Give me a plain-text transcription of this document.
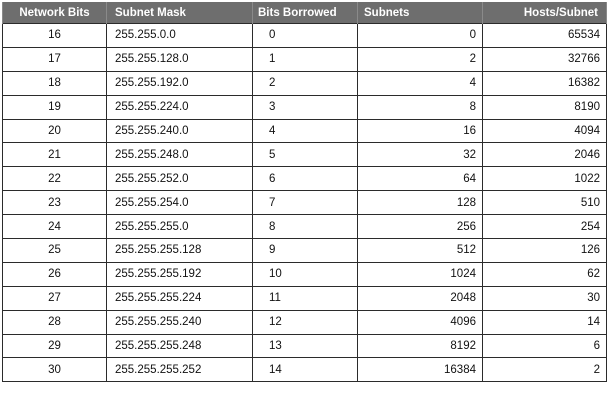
Network Bits	Subnet Mask	Bits Borrowed	Subnets	Hosts/Subnet
16	255.255.0.0	0	0	65534
17	255.255.128.0	1	2	32766
18	255.255.192.0	2	4	16382
19	255.255.224.0	3	8	8190
20	255.255.240.0	4	16	4094
21	255.255.248.0	5	32	2046
22	255.255.252.0	6	64	1022
23	255.255.254.0	7	128	510
24	255.255.255.0	8	256	254
25	255.255.255.128	9	512	126
26	255.255.255.192	10	1024	62
27	255.255.255.224	11	2048	30
28	255.255.255.240	12	4096	14
29	255.255.255.248	13	8192	6
30	255.255.255.252	14	16384	2
